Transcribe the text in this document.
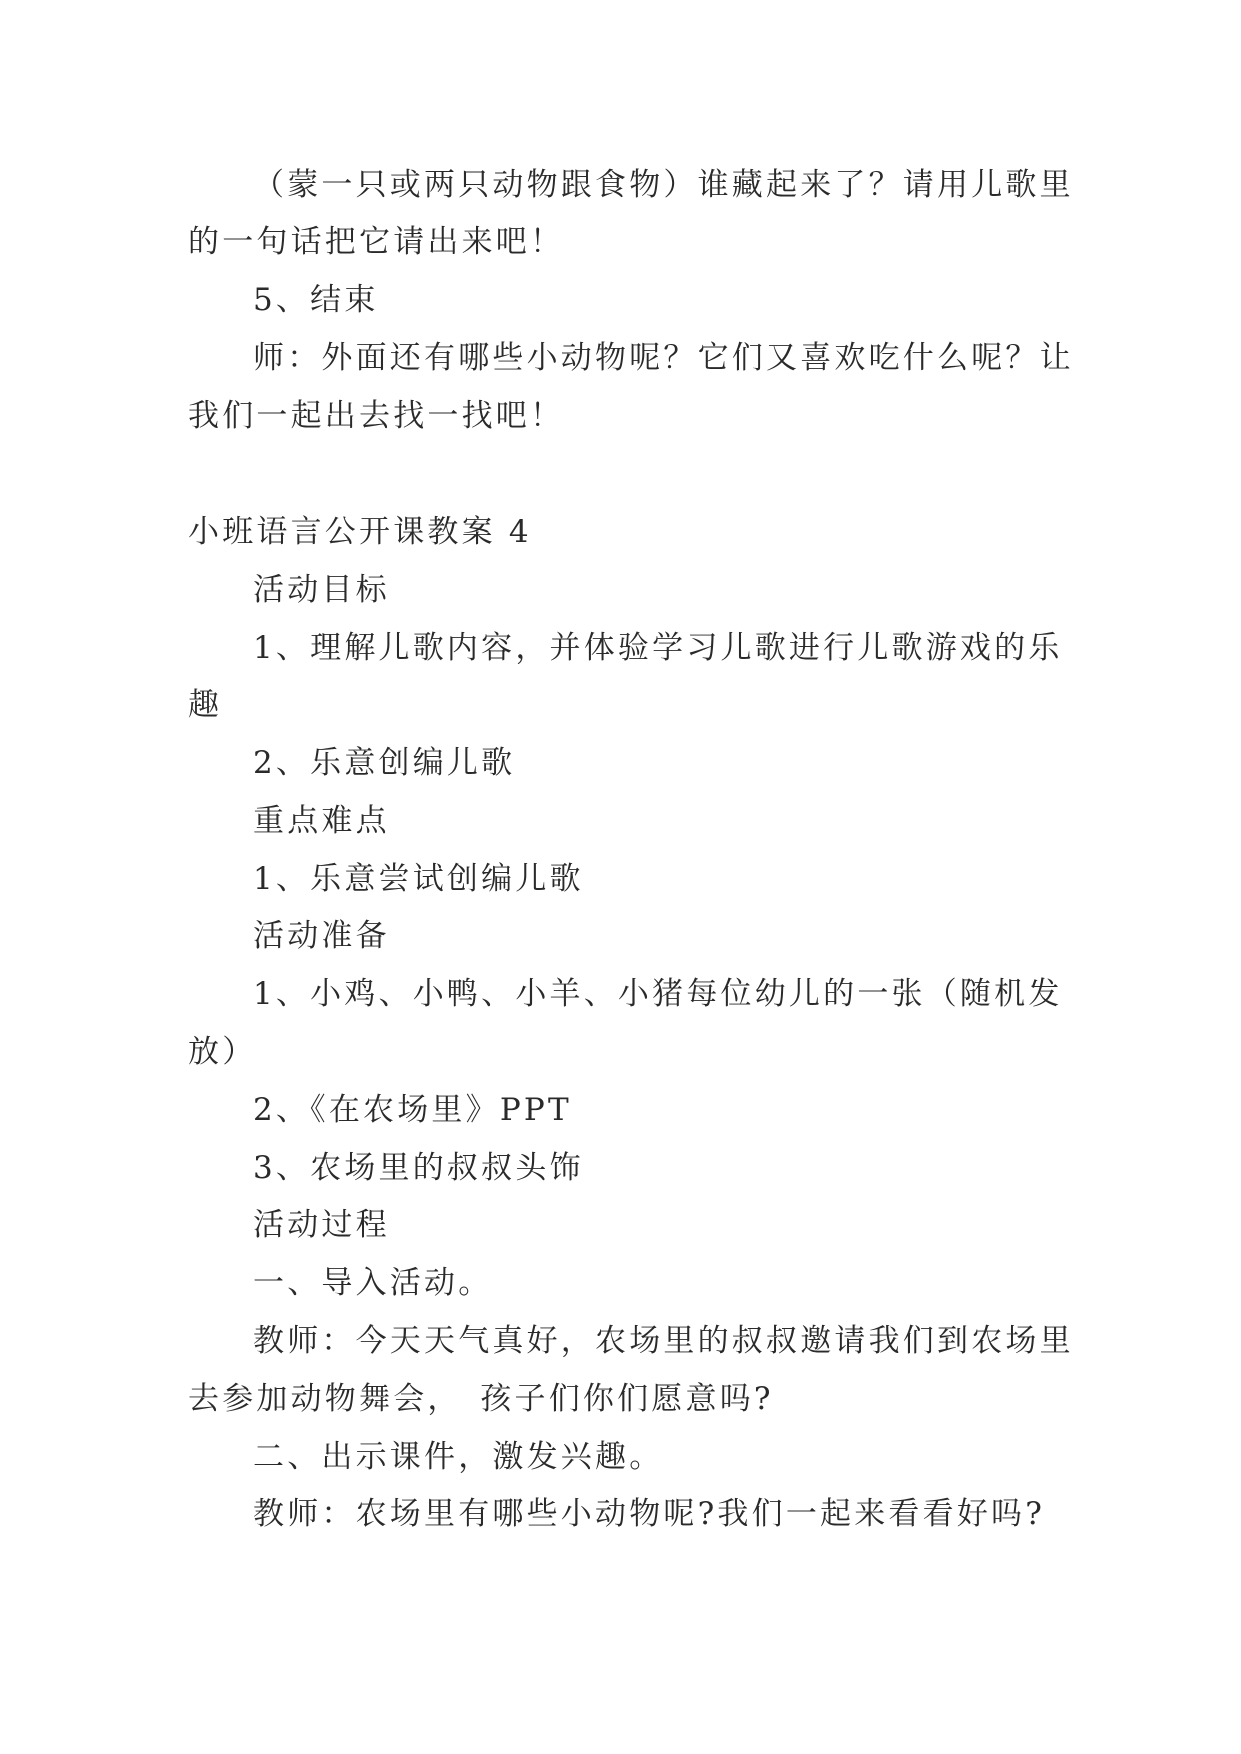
（蒙一只或两只动物跟食物）谁藏起来了？请用儿歌里
的一句话把它请出来吧！
5、结束
师：外面还有哪些小动物呢？它们又喜欢吃什么呢？让
我们一起出去找一找吧！
小班语言公开课教案 4
活动目标
1、理解儿歌内容，并体验学习儿歌进行儿歌游戏的乐
趣
2、乐意创编儿歌
重点难点
1、乐意尝试创编儿歌
活动准备
1、小鸡、小鸭、小羊、小猪每位幼儿的一张（随机发
放）
2、《在农场里》PPT
3、农场里的叔叔头饰
活动过程
一、导入活动。
教师：今天天气真好，农场里的叔叔邀请我们到农场里
去参加动物舞会，　孩子们你们愿意吗?
二、出示课件，激发兴趣。
教师：农场里有哪些小动物呢?我们一起来看看好吗?
